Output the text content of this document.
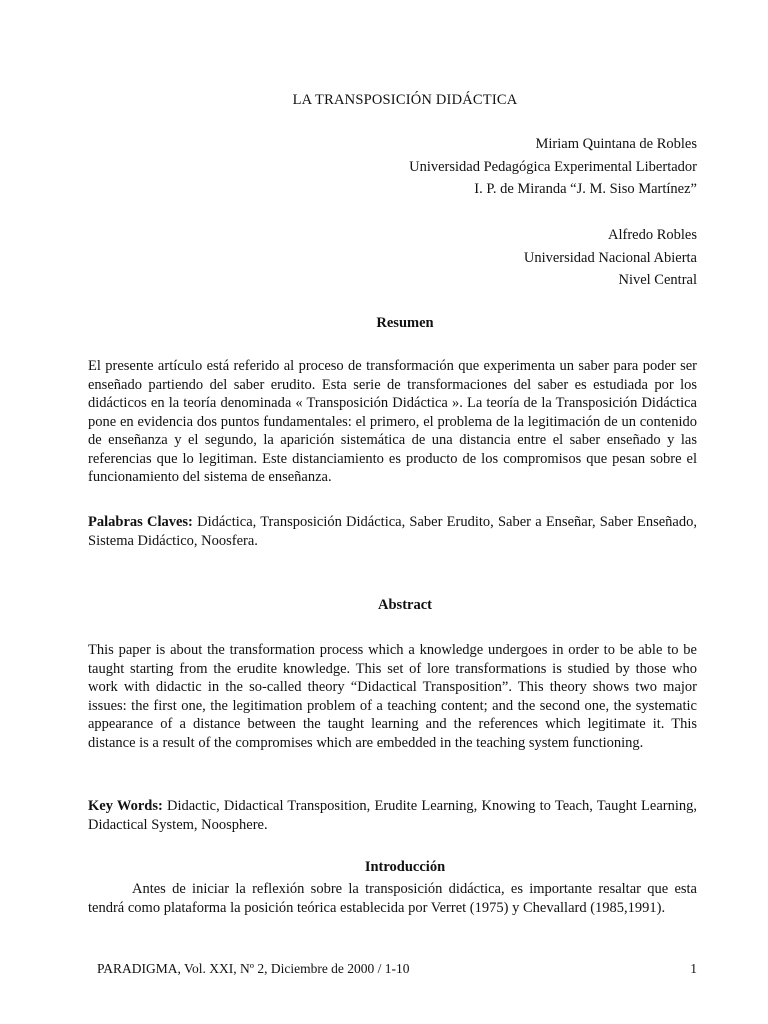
LA TRANSPOSICIÓN DIDÁCTICA
Miriam Quintana de Robles
Universidad Pedagógica Experimental Libertador
I. P. de Miranda “J. M. Siso Martínez”
Alfredo Robles
Universidad Nacional Abierta
Nivel Central
Resumen

El presente artículo está referido al proceso de transformación que experimenta un saber para poder ser enseñado partiendo del saber erudito. Esta serie de transformaciones del saber es estudiada por los didácticos en la teoría denominada « Transposición Didáctica ». La teoría de la Transposición Didáctica pone en evidencia dos puntos fundamentales: el primero, el problema de la legitimación de un contenido de enseñanza y el segundo, la aparición sistemática de una distancia entre el saber enseñado y las referencias que lo legitiman. Este distanciamiento es producto de los compromisos que pesan sobre el funcionamiento del sistema de enseñanza.

Palabras Claves: Didáctica, Transposición Didáctica, Saber Erudito, Saber a Enseñar, Saber Enseñado, Sistema Didáctico, Noosfera.

Abstract

This paper is about the transformation process which a knowledge undergoes in order to be able to be taught starting from the erudite knowledge. This set of lore transformations is studied by those who work with didactic in the so-called theory “Didactical Transposition”. This theory shows two major issues: the first one, the legitimation problem of a teaching content; and the second one, the systematic appearance of a distance between the taught learning and the references which legitimate it. This distance is a result of the compromises which are embedded in the teaching system functioning.

Key Words: Didactic, Didactical Transposition, Erudite Learning, Knowing to Teach, Taught Learning, Didactical System, Noosphere.

Introducción

Antes de iniciar la reflexión sobre la transposición didáctica, es importante resaltar que esta tendrá como plataforma la posición teórica establecida por Verret (1975) y Chevallard (1985,1991).

PARADIGMA, Vol. XXI, Nº 2, Diciembre de 2000 / 1-10	1
